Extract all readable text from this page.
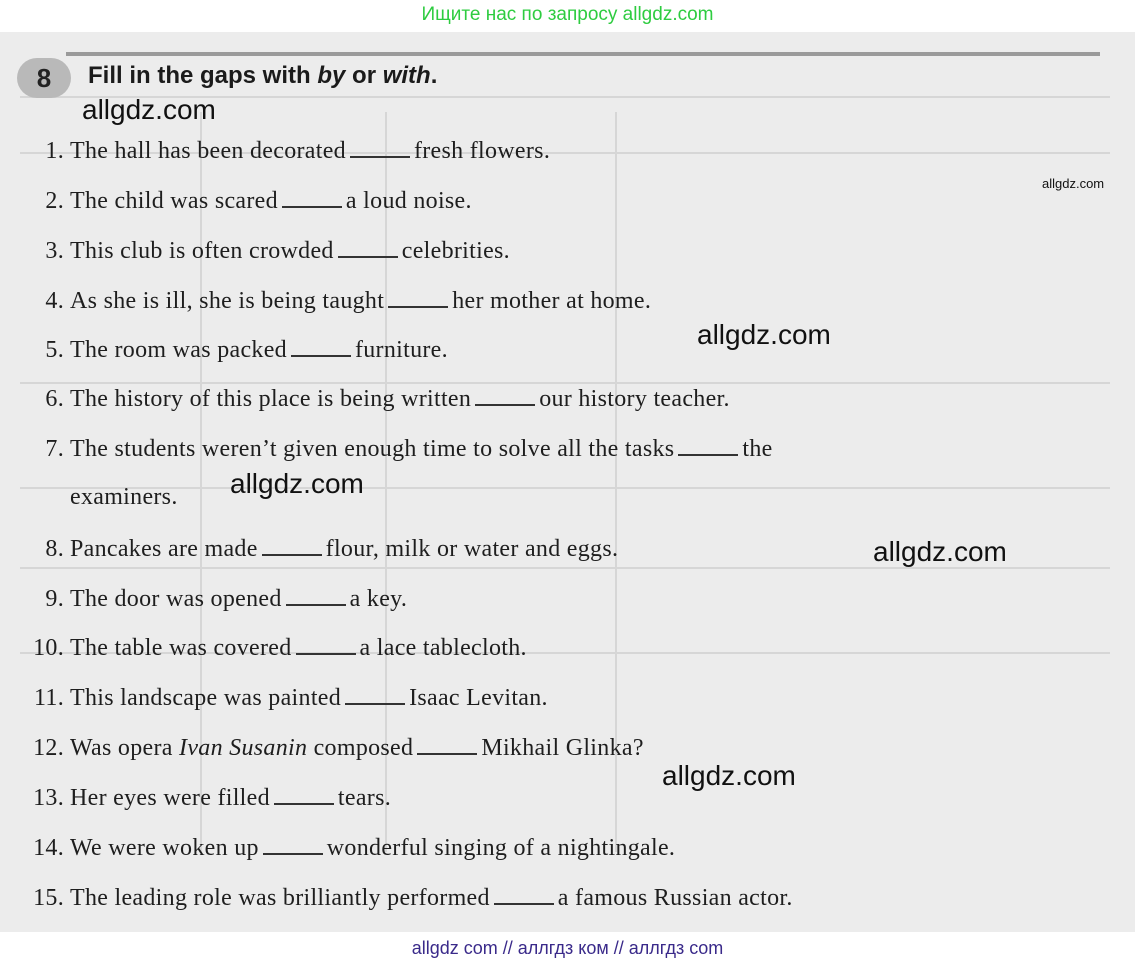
Ищите нас по запросу allgdz.com
8	Fill in the gaps with by or with.
1. The hall has been decorated	fresh flowers.
2. The child was scared	a loud noise.
3. This club is often crowded	celebrities.
4. As she is ill, she is being taught	her mother at home.
5. The room was packed	furniture.
6. The history of this place is being written	our history teacher.
7. The students weren’t given enough time to solve all the tasks	the
examiners.
8. Pancakes are made	flour, milk or water and eggs.
9. The door was opened	a key.
10. The table was covered	a lace tablecloth.
11. This landscape was painted	Isaac Levitan.
12. Was opera Ivan Susanin composed	Mikhail Glinka?
13. Her eyes were filled	tears.
14. We were woken up	wonderful singing of a nightingale.
15. The leading role was brilliantly performed	a famous Russian actor.
allgdz.com
allgdz.com
allgdz.com
allgdz.com
allgdz.com
allgdz.com
allgdz com // аллгдз ком // аллгдз com
